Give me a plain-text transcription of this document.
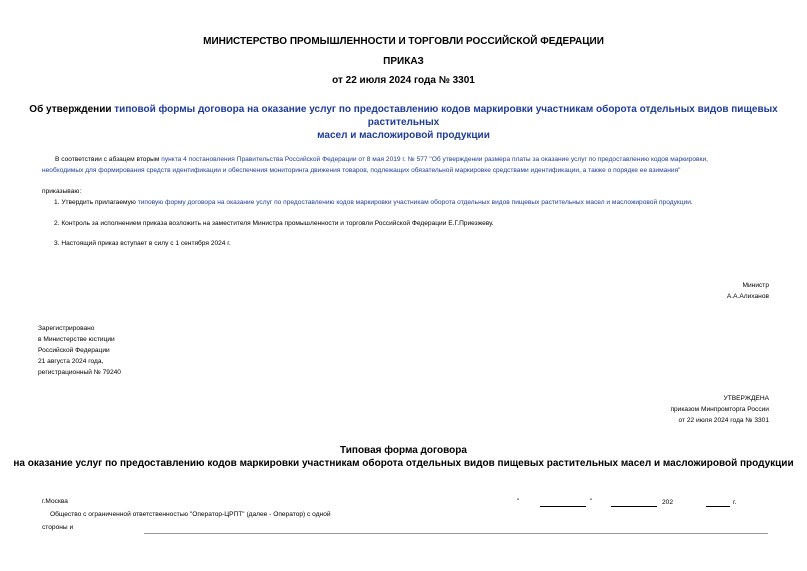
МИНИСТЕРСТВО ПРОМЫШЛЕННОСТИ И ТОРГОВЛИ РОССИЙСКОЙ ФЕДЕРАЦИИ
ПРИКАЗ
от 22 июля 2024 года № 3301
Об утверждении типовой формы договора на оказание услуг по предоставлению кодов маркировки участникам оборота отдельных видов пищевых растительных
масел и масложировой продукции
В соответствии с абзацем вторым пункта 4 постановления Правительства Российской Федерации от 8 мая 2019 г. № 577 "Об утверждении размера платы за оказание услуг по предоставлению кодов маркировки,
необходимых для формирования средств идентификации и обеспечения мониторинга движения товаров, подлежащих обязательной маркировке средствами идентификации, а также о порядке ее взимания"
приказываю:
1. Утвердить прилагаемую типовую форму договора на оказание услуг по предоставлению кодов маркировки участникам оборота отдельных видов пищевых растительных масел и масложировой продукции.
2. Контроль за исполнением приказа возложить на заместителя Министра промышленности и торговли Российской Федерации Е.Г.Приезжеву.
3. Настоящий приказ вступает в силу с 1 сентября 2024 г.
Министр
А.А.Алиханов
Зарегистрировано
в Министерстве юстиции
Российской Федерации
21 августа 2024 года,
регистрационный № 79240
УТВЕРЖДЕНА
приказом Минпромторга России
от 22 июля 2024 года № 3301
Типовая форма договора
на оказание услуг по предоставлению кодов маркировки участникам оборота отдельных видов пищевых растительных масел и масложировой продукции
г.Москва	"	"	202	г.
Общество с ограниченной ответственностью "Оператор-ЦРПТ" (далее - Оператор) с одной
стороны и
